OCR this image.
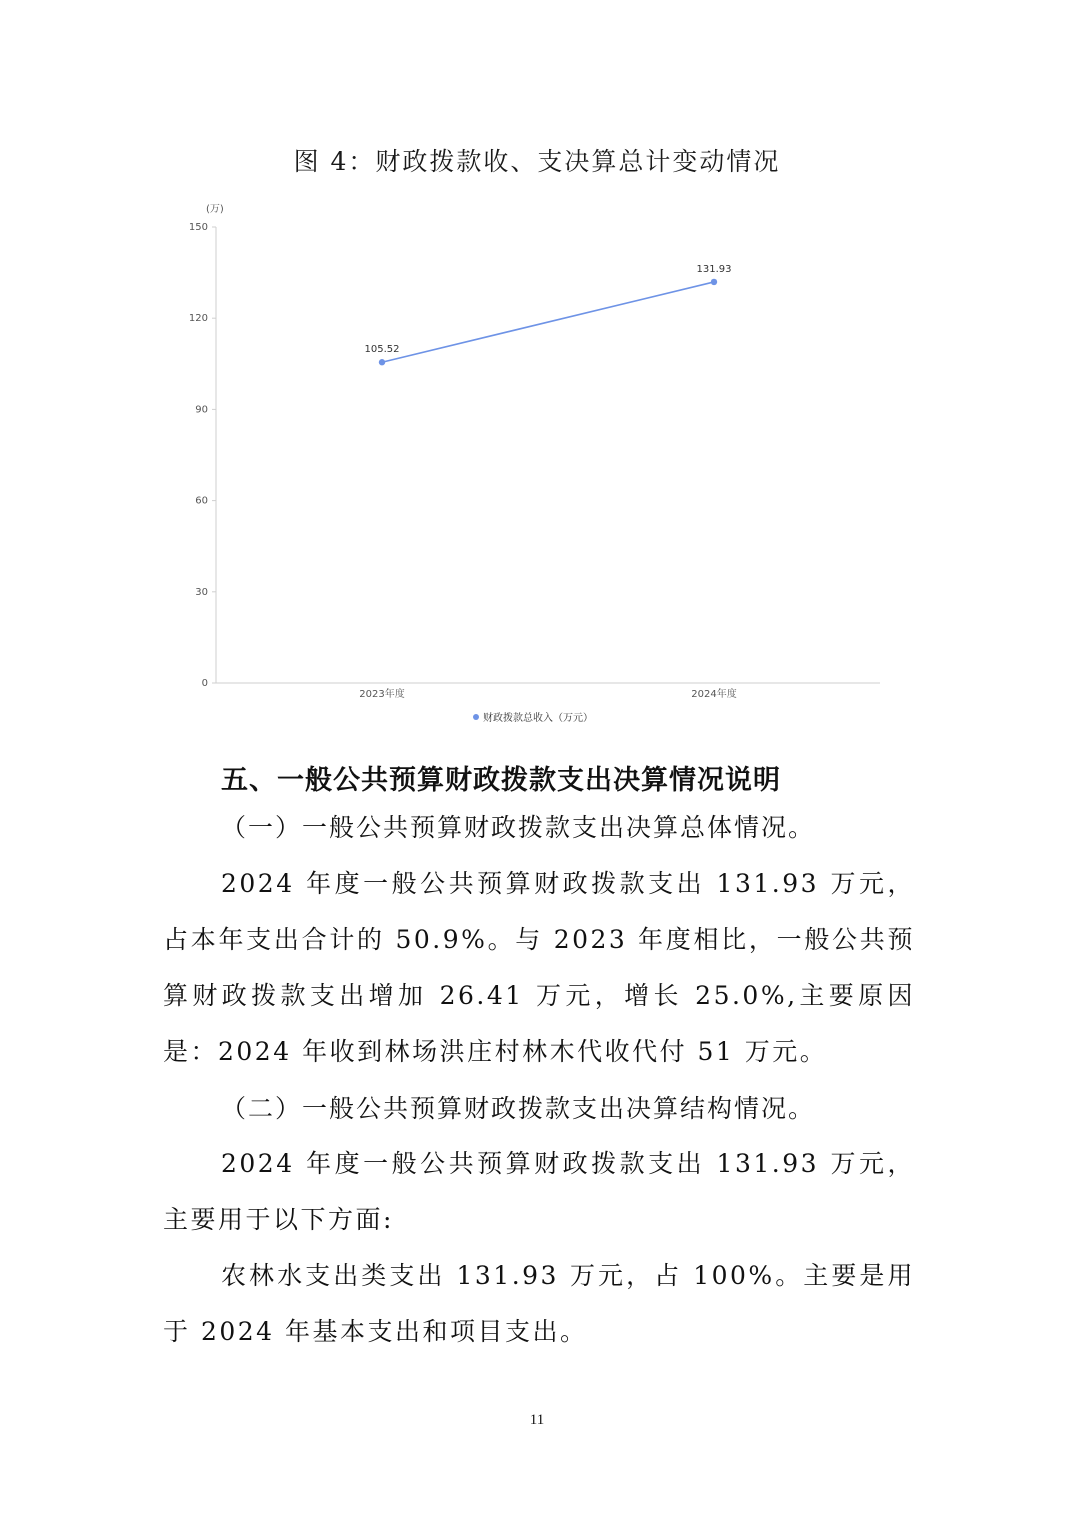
图 4：财政拨款收、支决算总计变动情况
(万)
0
30
60
90
120
150
2023年度	2024年度
105.52
131.93
财政拨款总收入（万元）
五、一般公共预算财政拨款支出决算情况说明
（一）一般公共预算财政拨款支出决算总体情况。
2024 年度一般公共预算财政拨款支出 131.93 万元，占本年支出合计的 50.9%。与 2023 年度相比，一般公共预算财政拨款支出增加 26.41 万元，增长 25.0%,主要原因是：2024 年收到林场洪庄村林木代收代付 51 万元。
（二）一般公共预算财政拨款支出决算结构情况。
2024 年度一般公共预算财政拨款支出 131.93 万元，主要用于以下方面:
农林水支出类支出 131.93 万元，占 100%。主要是用于 2024 年基本支出和项目支出。
11
